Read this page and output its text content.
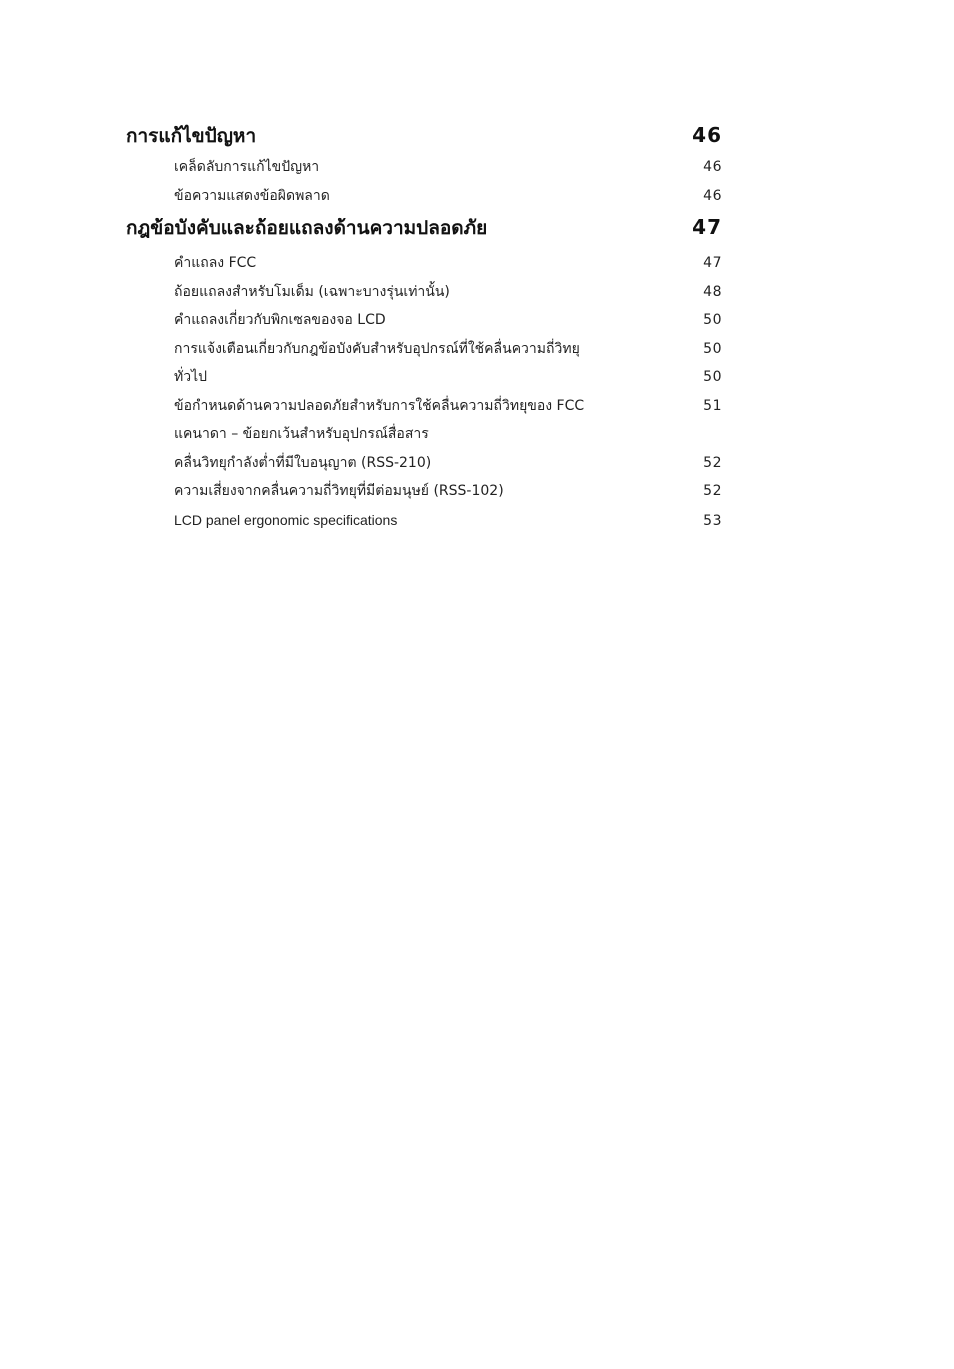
การแก้ไขปัญหา	46
เคล็ดลับการแก้ไขปัญหา	46
ข้อความแสดงข้อผิดพลาด	46
กฎข้อบังคับและถ้อยแถลงด้านความปลอดภัย	47
คำแถลง FCC	47
ถ้อยแถลงสำหรับโมเด็ม (เฉพาะบางรุ่นเท่านั้น)	48
คำแถลงเกี่ยวกับพิกเซลของจอ LCD	50
การแจ้งเตือนเกี่ยวกับกฎข้อบังคับสำหรับอุปกรณ์ที่ใช้คลื่นความถี่วิทยุ	50
ทั่วไป	50
ข้อกำหนดด้านความปลอดภัยสำหรับการใช้คลื่นความถี่วิทยุของ FCC	51
แคนาดา – ข้อยกเว้นสำหรับอุปกรณ์สื่อสาร
คลื่นวิทยุกำลังต่ำที่มีใบอนุญาต (RSS-210)	52
ความเสี่ยงจากคลื่นความถี่วิทยุที่มีต่อมนุษย์ (RSS-102)	52
LCD panel ergonomic specifications	53
